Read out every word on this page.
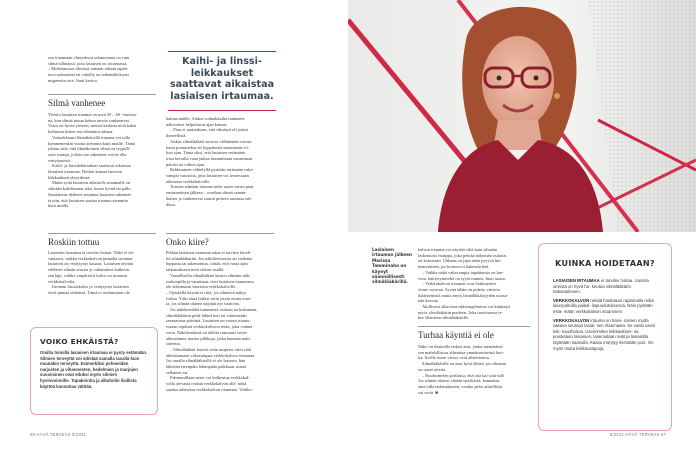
sen irtaumaan yhteydessä salamoinnia on vain

silmä sillmässä, joita lasiaisen on irtoamassa.

– Molemmissa silmissä samaan aikaan tapah-

tuva salamointi tai valoilly on todennäköisesti

migreenin oire, Juuti kertoo.

Silmä vanhenee
Yleisin lasiaisen irtauma on noin 50 – 60 -vuotiaa-
na, kun silmät muun kehon tavoin vanhenevat.
Vaiva on hyvin yleinen, meistä kaikista noin kaksi
kolmesta kokee sen elämänsä aikana.
Voimakkaasti likinäköisillä irtauma voi tulla
kymmenenkin vuotta aiemmin kuin muille. Tämä
johtuu siitä, että likinäköinen silmä on tyypilli-
sesti isompi, jolloin sen rakenteet voivat olla
venyttyneitä.
Kaihi- ja linssileikkaukset saattavat aikaistaa
lasiaisen irtaumaa. Hoskin kanssa harvoin
leikkauksen yhteydessä.
Mutta syitä lasiaisen aikaiselle irtaumalle on
silmään kohdistunut isku, kuten lyönti tai pallo.
Sairaalassa diabetes muuttaa lasiaisen rakennet-
ta niin, että lasiaisen saattaa irtauma aiemmin
kuin muilla.
Kaihi- ja linssi-leikkaukset saattavat aikaistaa lasiaisen irtaumaa.
haittaa näölle. Aluksi voimakkailta tuntuneet
näköoireet helpottavat ajan kanssa.
– Pian ei muistakaan, että silmässä oli jotain
ihmeellistä.
Joskus silmälääkäri neuvoo välttämään voima-
kasta ponnistelua tai hyppimistä muutaman vii-
kon ajan. Tämä siksi, että lasiaisen vetämänä
irtoa kerralla vaan jatkaa irtaumistaan useamman
päivän tai viikon ajan.
Rehkiminen välttelyllä pyritään estämään vaka-
vampia vaurioita, jotta lasiaisen voi irrotessaan
aiheuttaa verkkokalvolle.
Toiseen silmään irtauma tulee usein varsin pian
ensimmäisen jälkeen – ovathan silmät saman-
ikäiset ja vanhenevat suurin piirtein samassa tah-
dissa.
Roskiin tottuu
Lasiaisen irtaumaa ei tarvitse hoitaa. Näkö ei ole
vaarassa, vaikka verkkokalvon pinnalta irronnut
lasiaisen on vetäytynyt kauaas. Lasiaisen täyttää
edelleen silmän sisusta ja valonsäteet kulkevat
sen läpi, vaikka ympäröivä kalvo on irronnut
verkkokalvolta.
Irronnut lasiaiskalvo ja vetäytynyt lasiainen
eivät pinnaa silmässä. Tämä ei useimmiten ole
VOIKO EHKÄISTÄ?
Omilla toimilla lasiaisen irtaumaa ei pysty estämään. Silmien terveyttä voi edistää samalla tavalla kuin muutakin terveyttä. Esimerkiksi pehmeiden narjusten ja vihannesten, hedelmien ja marjojen suosiminen ovat eduksi myös silmien hyvinvoinnille. Tupakointia ja alkoholin liiallista käyttöä kannattaa välttää.
Onko kiire?
Pelkän lasiaisen irtauman takia ei tarvitse kiireh-
tiä silmälääkäriin. Jos näköhermoista on vaalenta
hippusia tai salamointia, riittää, että varaa ajan
tarkastukseen noin viikon sisällä.
Vaarallisella silmälääkäri katsoo silmään mik-
roskoopilla ja varmistaa, ettei lasiaisen irtaumasta
ole aiheutunut vaurioita verkkokalvolle.
– Opiskella käyntä ei riitä, jos silmässä näkyy
roskia. Yöki tässä lisäksi esiin jotain muita oirei-
ta, jos silmän tilanne näyttää nyt vaativan.
Jos näkökentältä tummenee osittain tai kokonaan,
silmälääkäriin pitää lähteä heti tai viimeistään
seuraavana päivänä. Lasiaisen on voinut irtautu-
essaan repäistä verkkokalvoon reiän, joka voinna
verta. Näkökentässä on tällöin runsaasti veren
aiheuttamia mustia pilkkuja, jotka kuntaan noki-
sateesta.
– Silmälääkäri laserei reiän umpeen, ettei siitä
aiheuttamaan vakavampaa verkkokalvon irtaumaa.
Jos omalla silmälääkärillä ei ole lasseria, hän
lähettää eteenpäin lähimpään paikkaan, missä
sellainen on.
Pahimmillaan neste voi kulkeutua verkkokal-
volla olevasta reiästä verkkokalvon alle, mikä
saattaa aiheuttaa verkkokalvon irtauman. Verkko-
66 HYVÄ TERVEYS 8/2021
Lasiaisen irtauman jälkeen Marissa Tamminaho on käynyt säännöllisesti silmälääkärillä.
kalvon irtauma voi näyttää siltä kuin silmään
laskeutuisi esirippu, joka peittää näkymän osittain
tai kokonaan. Uhkana on jopa näön pysyvä hei-
kentyminen, jos hoitoon ei hakeudu heti.
– Vaikka näitä vakavampia tapahtumia on har-
voin, häiriytymiseltä on syytä tunnea, Juuti sanoo.
– Verkkokalvon irtaumat ovat lisääntyneet
viime vuosina. Syynä tähän on pidetty väestön
ikääntymistä mutta myös lisinälikkäisyyden nousu-
nän kasvua.
Äkillisesti alkavissa näköongelmissa voi käääntyä
myös yleislääkärin puoleen. Joka tarvittaessa te-
kee lähetteen silmälääkärille.
Turhaa käyntiä ei ole
Näkö on ihmiselle tärkeä aisti, jonka menettämi-
sen mahdollisuus aiheuttaa ymmärrettävästi huo-
lta. Iivelle usein vieroo ovat aiheettomia.
Silmälääkärille on aina hyvä lähteä, jos silmissä
on uusia oireita.
– Ruuhsimelen poitlassa, että tota kai siitä tuli!
Jos silmän tilanne yhtään epäilyttää, kannattaa
aina tulla tarkastukseen, ovatko pelot aiheellisia
vai eivät. ■
KUINKA HOIDETAAN?

LASIAISEN IRTAUMAA ei tarvitse hoitaa. Uusista oireista on hyvä ha- keutua silmälääkärin tarkastukseen.

VERKKOKALVON reikää hoidetaan rajaamalla reikä laserpoltoilla paikal- lispuudutuksessa. Näin pyritään estä- mään verkkokalvon irtoaminen.

VERKKOKALVON irtauma on harvi- nainen mutta vakava seuraus lasiai- sen irtaumasta. Se vaatii usein leik- kaushoitoa. Useimmiten leikkaukses- sa poistetaan lasiainen, laseroidaan reiät ja lasiaistila täytetään kaasulla. Kaasu imeytyy itsestään pois. On myös muita leikkaustapoja.

8/2021 HYVÄ TERVEYS 67
